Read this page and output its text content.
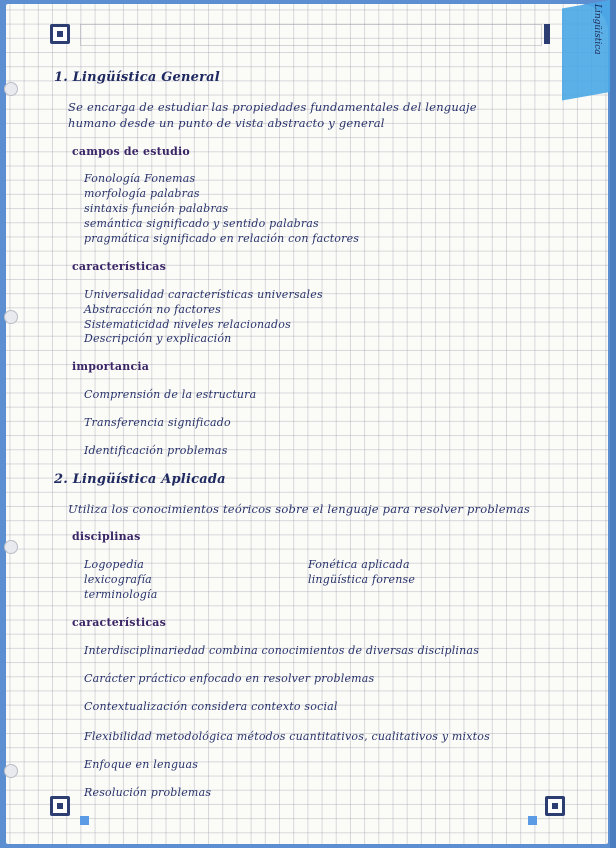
Lingüística
1. Lingüística General
Se encarga de estudiar las propiedades fundamentales del lenguaje
humano desde un punto de vista abstracto y general
campos de estudio
Fonología Fonemas
morfología palabras
sintaxis función palabras
semántica significado y sentido palabras
pragmática significado en relación con factores
características
Universalidad características universales
Abstracción no factores
Sistematicidad niveles relacionados
Descripción y explicación
importancia
Comprensión de la estructura
Transferencia significado
Identificación problemas
2. Lingüística Aplicada
Utiliza los conocimientos teóricos sobre el lenguaje para resolver problemas
disciplinas
Logopedia
lexicografía
terminología
Fonética aplicada
lingüística forense
características
Interdisciplinariedad combina conocimientos de diversas disciplinas
Carácter práctico enfocado en resolver problemas
Contextualización considera contexto social
Flexibilidad metodológica métodos cuantitativos, cualitativos y mixtos
Enfoque en lenguas
Resolución problemas
